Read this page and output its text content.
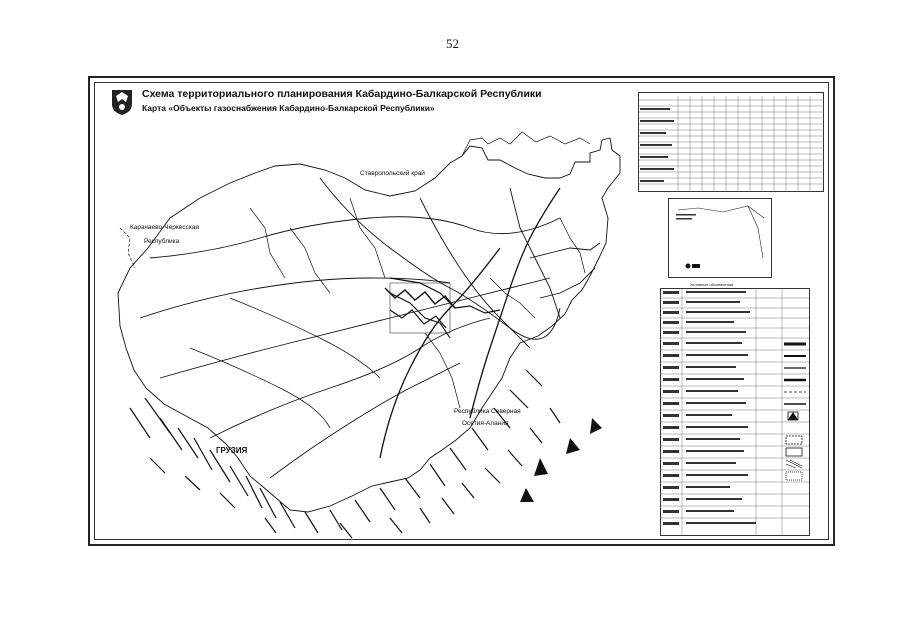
52
Схема территориального планирования Кабардино-Балкарской Республики
Карта «Объекты газоснабжения Кабардино-Балкарской Республики»
Ставропольский край
Карачаево-Черкесская
Республика
ГРУЗИЯ
Республика Северная
Осетия-Алания
Условные обозначения
